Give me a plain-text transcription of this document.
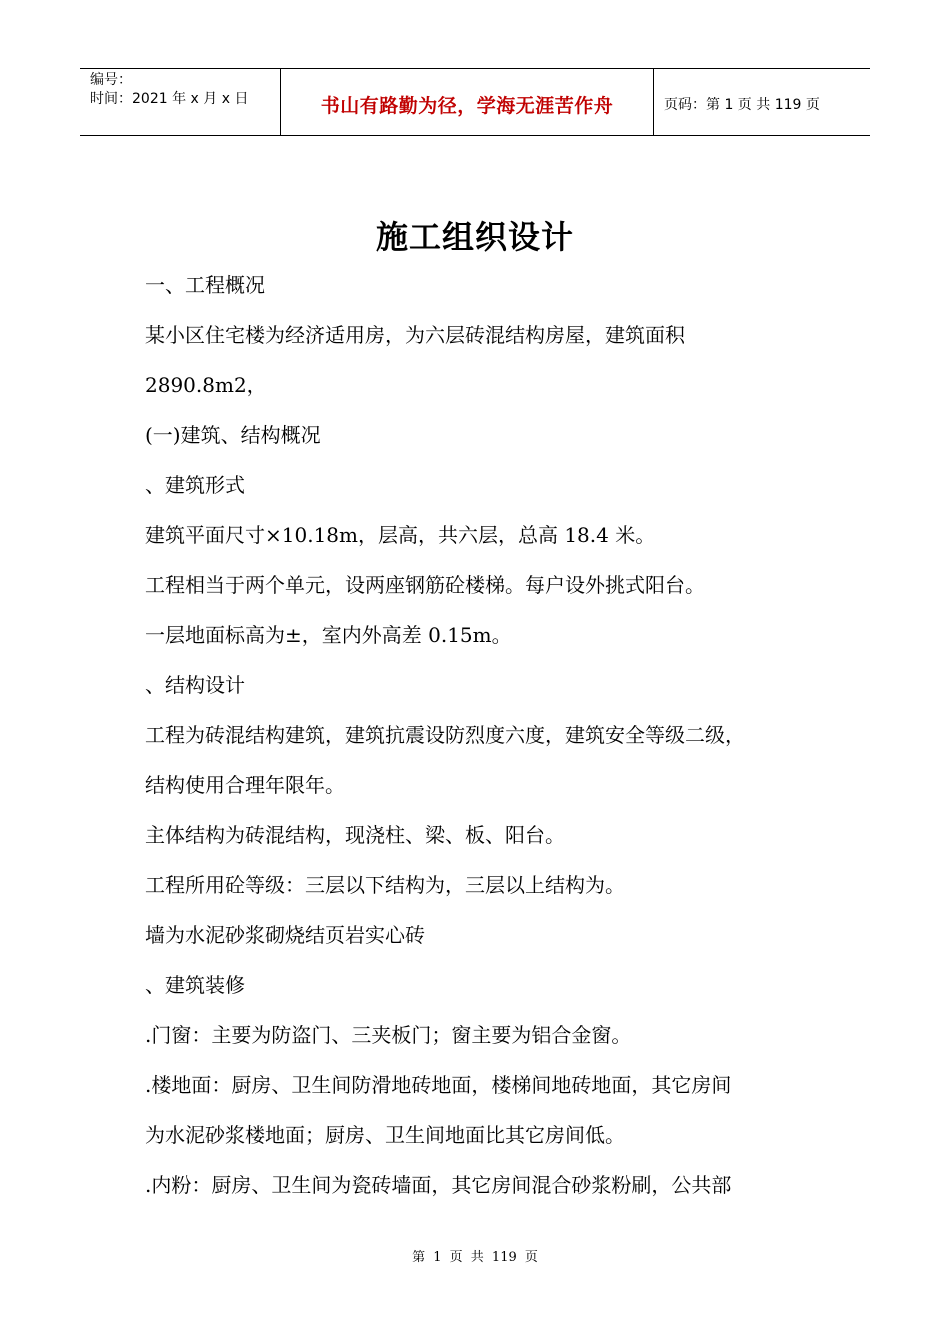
编号：
时间：2021 年 x 月 x 日	书山有路勤为径，学海无涯苦作舟	页码：第 1 页 共 119 页
施工组织设计
一、工程概况
某小区住宅楼为经济适用房，为六层砖混结构房屋，建筑面积
2890.8m2，
(一)建筑、结构概况
、建筑形式
建筑平面尺寸×10.18m，层高，共六层，总高 18.4 米。
工程相当于两个单元，设两座钢筋砼楼梯。每户设外挑式阳台。
一层地面标高为±，室内外高差 0.15m。
、结构设计
工程为砖混结构建筑，建筑抗震设防烈度六度，建筑安全等级二级，
结构使用合理年限年。
主体结构为砖混结构，现浇柱、梁、板、阳台。
工程所用砼等级：三层以下结构为，三层以上结构为。
墙为水泥砂浆砌烧结页岩实心砖
、建筑装修
.门窗：主要为防盗门、三夹板门；窗主要为铝合金窗。
.楼地面：厨房、卫生间防滑地砖地面，楼梯间地砖地面，其它房间
为水泥砂浆楼地面；厨房、卫生间地面比其它房间低。
.内粉：厨房、卫生间为瓷砖墙面，其它房间混合砂浆粉刷，公共部
第 1 页 共 119 页
